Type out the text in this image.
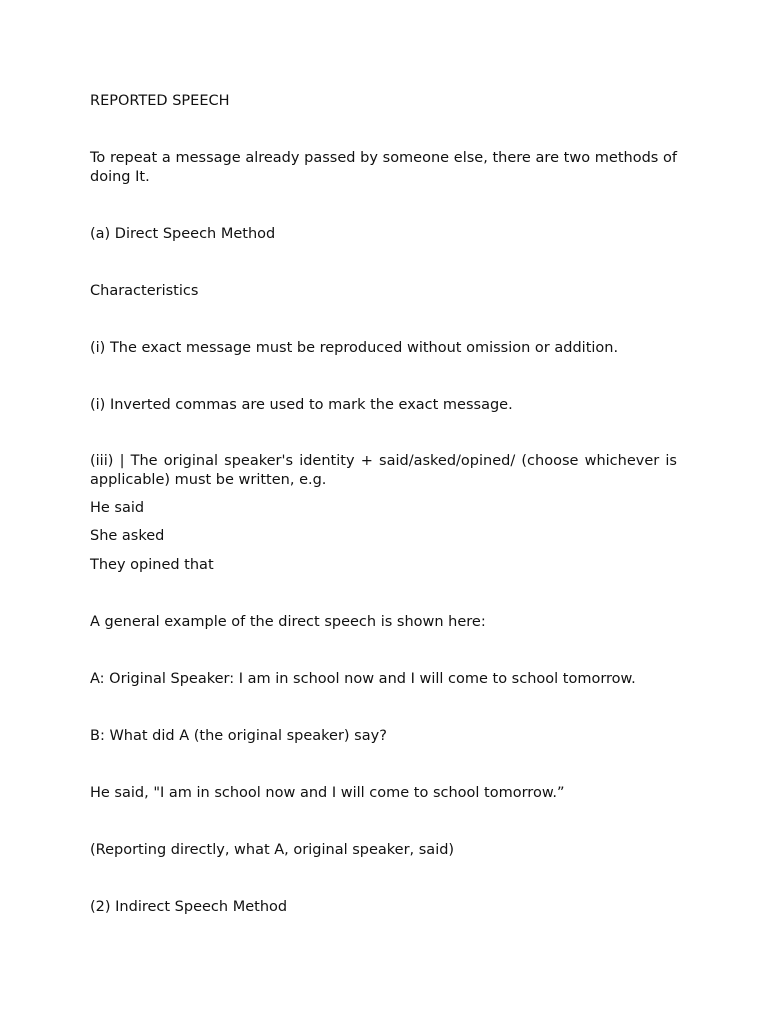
REPORTED SPEECH

To repeat a message already passed by someone else, there are two methods of doing It.

(a) Direct Speech Method

Characteristics

(i) The exact message must be reproduced without omission or addition.

(i) Inverted commas are used to mark the exact message.

(iii) | The original speaker's identity + said/asked/opined/ (choose whichever is applicable) must be written, e.g.

He said

She asked

They opined that

A general example of the direct speech is shown here:

A: Original Speaker: I am in school now and I will come to school tomorrow.

B: What did A (the original speaker) say?

He said, "I am in school now and I will come to school tomorrow.”

(Reporting directly, what A, original speaker, said)

(2) Indirect Speech Method
